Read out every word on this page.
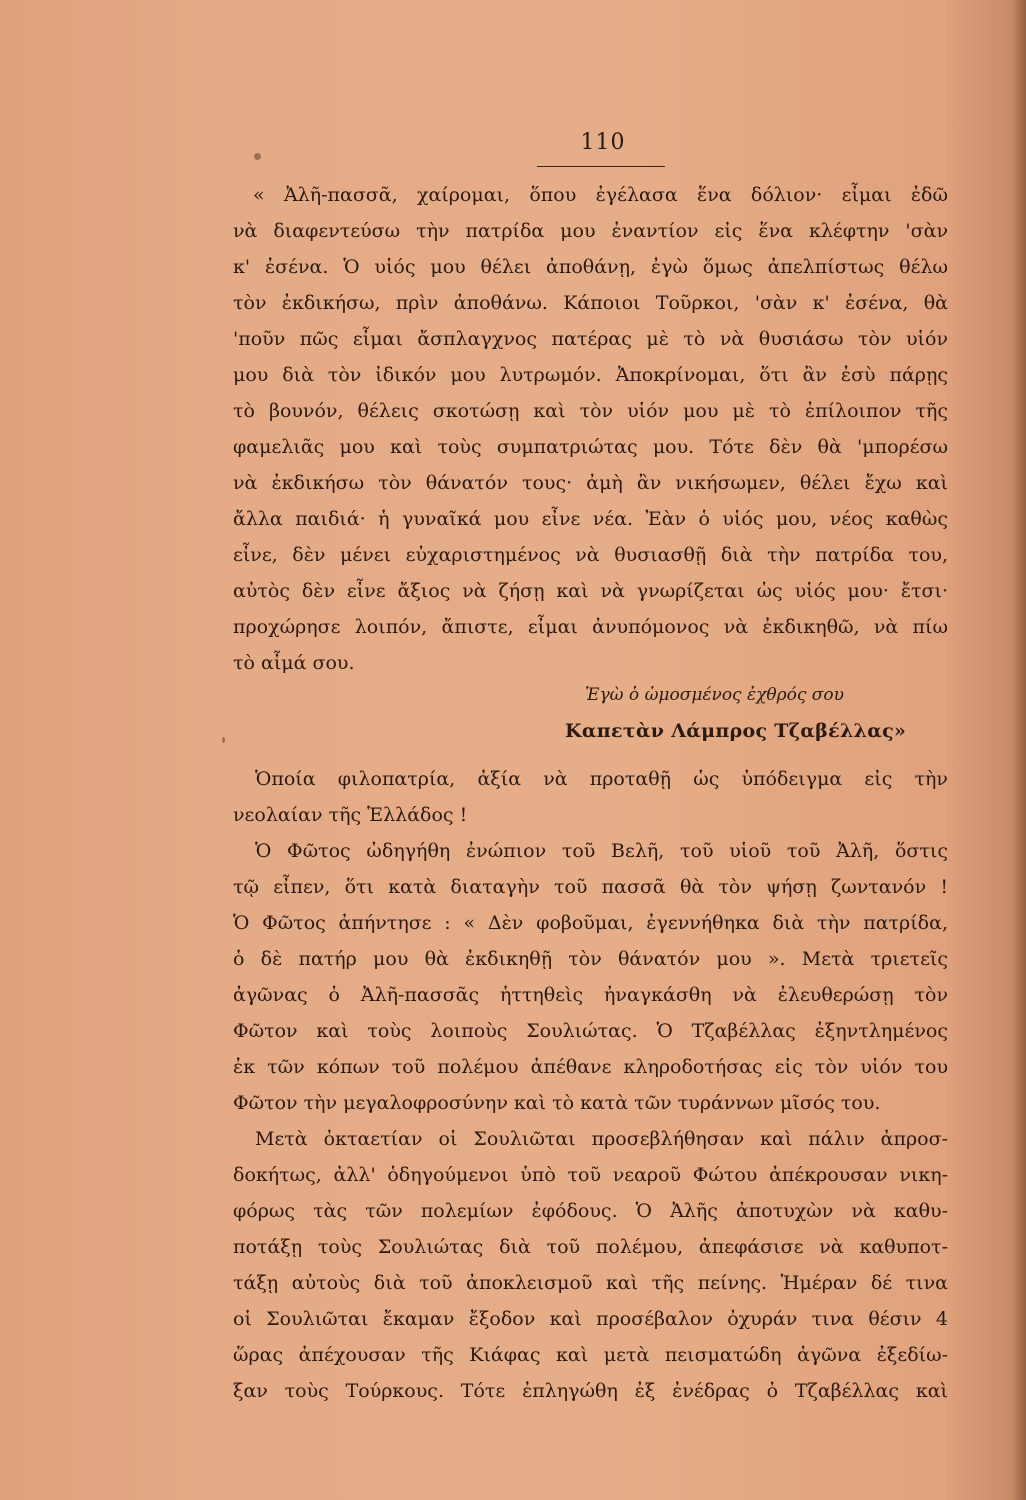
110
« Ἀλῆ-πασσᾶ, χαίρομαι, ὅπου ἐγέλασα ἕνα δόλιον· εἶμαι ἐδῶ
νὰ διαφεντεύσω τὴν πατρίδα μου ἐναντίον εἰς ἕνα κλέφτην 'σὰν
κ' ἐσένα. Ὁ υἱός μου θέλει ἀποθάνῃ, ἐγὼ ὅμως ἀπελπίστως θέλω
τὸν ἐκδικήσω, πρὶν ἀποθάνω. Κάποιοι Τοῦρκοι, 'σὰν κ' ἐσένα, θὰ
'ποῦν πῶς εἶμαι ἄσπλαγχνος πατέρας μὲ τὸ νὰ θυσιάσω τὸν υἱόν
μου διὰ τὸν ἰδικόν μου λυτρωμόν. Ἀποκρίνομαι, ὅτι ἂν ἐσὺ πάρῃς
τὸ βουνόν, θέλεις σκοτώσῃ καὶ τὸν υἱόν μου μὲ τὸ ἐπίλοιπον τῆς
φαμελιᾶς μου καὶ τοὺς συμπατριώτας μου. Τότε δὲν θὰ 'μπορέσω
νὰ ἐκδικήσω τὸν θάνατόν τους· ἀμὴ ἂν νικήσωμεν, θέλει ἔχω καὶ
ἄλλα παιδιά· ἡ γυναῖκά μου εἶνε νέα. Ἐὰν ὁ υἱός μου, νέος καθὼς
εἶνε, δὲν μένει εὐχαριστημένος νὰ θυσιασθῇ διὰ τὴν πατρίδα του,
αὐτὸς δὲν εἶνε ἄξιος νὰ ζήσῃ καὶ νὰ γνωρίζεται ὡς υἱός μου· ἔτσι·
προχώρησε λοιπόν, ἄπιστε, εἶμαι ἀνυπόμονος νὰ ἐκδικηθῶ, νὰ πίω
τὸ αἷμά σου.
Ὁποία φιλοπατρία, ἀξία νὰ προταθῇ ὡς ὑπόδειγμα εἰς τὴν
νεολαίαν τῆς Ἑλλάδος !
Ὁ Φῶτος ὡδηγήθη ἐνώπιον τοῦ Βελῆ, τοῦ υἱοῦ τοῦ Ἀλῆ, ὅστις
τῷ εἶπεν, ὅτι κατὰ διαταγὴν τοῦ πασσᾶ θὰ τὸν ψήσῃ ζωντανόν !
Ὁ Φῶτος ἀπήντησε : « Δὲν φοβοῦμαι, ἐγεννήθηκα διὰ τὴν πατρίδα,
ὁ δὲ πατήρ μου θὰ ἐκδικηθῇ τὸν θάνατόν μου ». Μετὰ τριετεῖς
ἀγῶνας ὁ Ἀλῆ-πασσᾶς ἡττηθεὶς ἠναγκάσθη νὰ ἐλευθερώσῃ τὸν
Φῶτον καὶ τοὺς λοιποὺς Σουλιώτας. Ὁ Τζαβέλλας ἐξηντλημένος
ἐκ τῶν κόπων τοῦ πολέμου ἀπέθανε κληροδοτήσας εἰς τὸν υἱόν του
Φῶτον τὴν μεγαλοφροσύνην καὶ τὸ κατὰ τῶν τυράννων μῖσός του.
Μετὰ ὀκταετίαν οἱ Σουλιῶται προσεβλήθησαν καὶ πάλιν ἀπροσ-
δοκήτως, ἀλλ' ὁδηγούμενοι ὑπὸ τοῦ νεαροῦ Φώτου ἀπέκρουσαν νικη-
φόρως τὰς τῶν πολεμίων ἐφόδους. Ὁ Ἀλῆς ἀποτυχὼν νὰ καθυ-
ποτάξῃ τοὺς Σουλιώτας διὰ τοῦ πολέμου, ἀπεφάσισε νὰ καθυποτ-
τάξῃ αὐτοὺς διὰ τοῦ ἀποκλεισμοῦ καὶ τῆς πείνης. Ἡμέραν δέ τινα
οἱ Σουλιῶται ἔκαμαν ἔξοδον καὶ προσέβαλον ὀχυράν τινα θέσιν 4
ὥρας ἀπέχουσαν τῆς Κιάφας καὶ μετὰ πεισματώδη ἀγῶνα ἐξεδίω-
ξαν τοὺς Τούρκους. Τότε ἐπληγώθη ἐξ ἐνέδρας ὁ Τζαβέλλας καὶ
Ἐγὼ ὁ ὡμοσμένος ἐχθρός σου
Καπετὰν Λάμπρος Τζαβέλλας»
